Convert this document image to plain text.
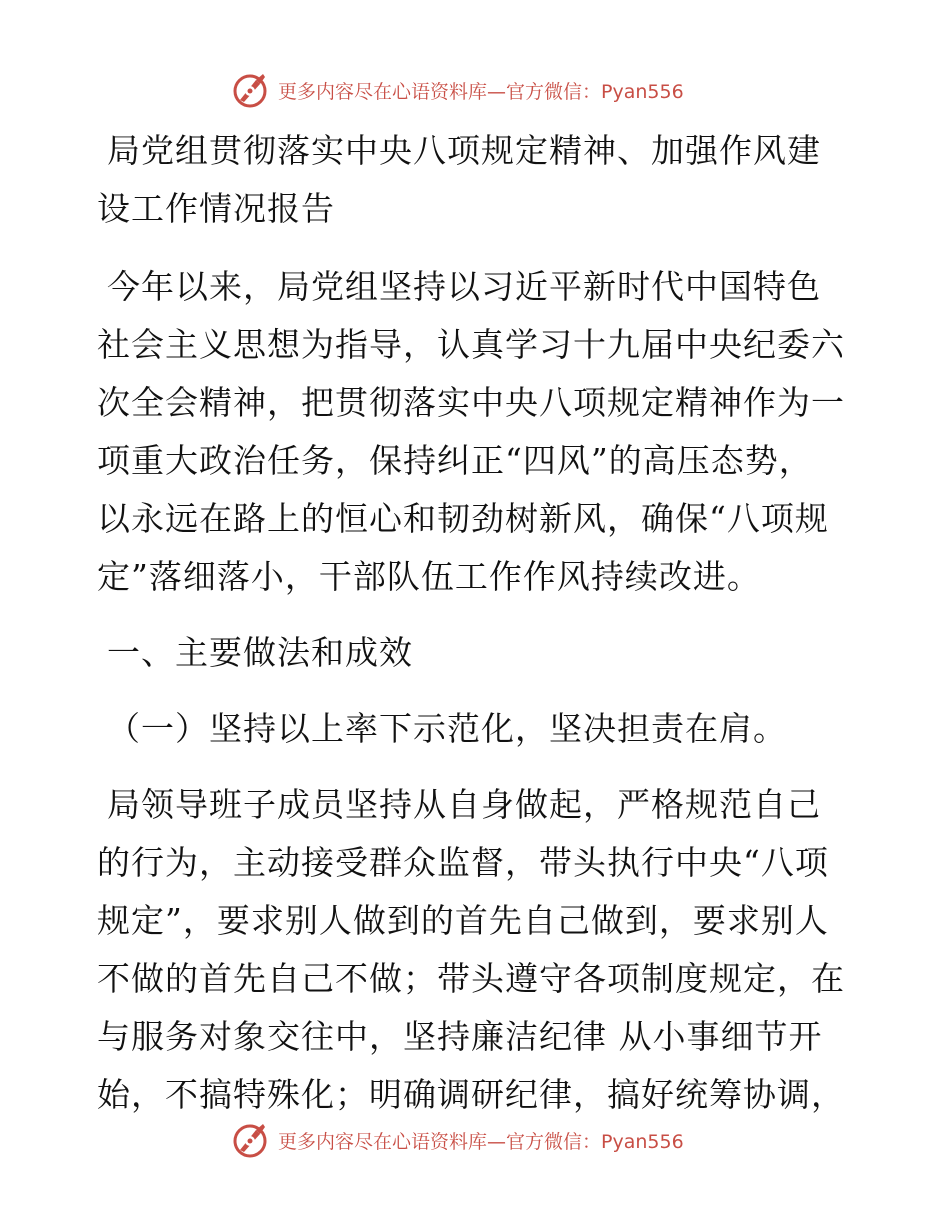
更多内容尽在心语资料库—官方微信：Pyan556
局党组贯彻落实中央八项规定精神、加强作风建
设工作情况报告
今年以来，局党组坚持以习近平新时代中国特色
社会主义思想为指导，认真学习十九届中央纪委六
次全会精神，把贯彻落实中央八项规定精神作为一
项重大政治任务，保持纠正“四风”的高压态势，
以永远在路上的恒心和韧劲树新风，确保“八项规
定”落细落小，干部队伍工作作风持续改进。
一、主要做法和成效
（一）坚持以上率下示范化，坚决担责在肩。
局领导班子成员坚持从自身做起，严格规范自己
的行为，主动接受群众监督，带头执行中央“八项
规定”，要求别人做到的首先自己做到，要求别人
不做的首先自己不做；带头遵守各项制度规定，在
与服务对象交往中，坚持廉洁纪律 从小事细节开
始，不搞特殊化；明确调研纪律，搞好统筹协调，
更多内容尽在心语资料库—官方微信：Pyan556
